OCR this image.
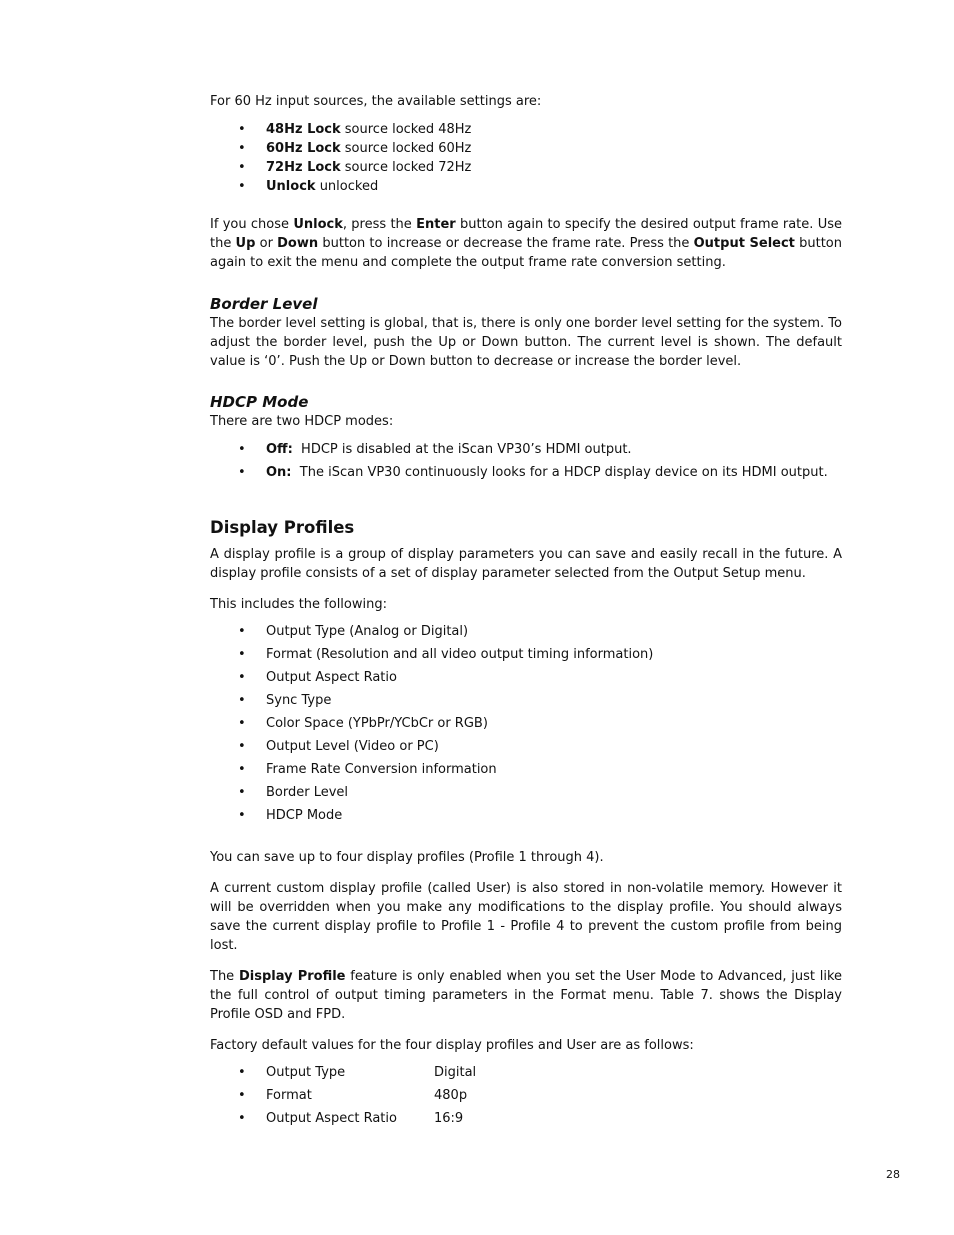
For 60 Hz input sources, the available settings are:

• 48Hz Lock source locked 48Hz
• 60Hz Lock source locked 60Hz
• 72Hz Lock source locked 72Hz
• Unlock unlocked

If you chose Unlock, press the Enter button again to specify the desired output frame rate. Use the Up or Down button to increase or decrease the frame rate. Press the Output Select button again to exit the menu and complete the output frame rate conversion setting.

Border Level

The border level setting is global, that is, there is only one border level setting for the system. To adjust the border level, push the Up or Down button. The current level is shown. The default value is ‘0’. Push the Up or Down button to decrease or increase the border level.

HDCP Mode

There are two HDCP modes:

• Off:  HDCP is disabled at the iScan VP30’s HDMI output.
• On:  The iScan VP30 continuously looks for a HDCP display device on its HDMI output.
Display Profiles

A display profile is a group of display parameters you can save and easily recall in the future. A display profile consists of a set of display parameter selected from the Output Setup menu.

This includes the following:

• Output Type (Analog or Digital)
• Format (Resolution and all video output timing information)
• Output Aspect Ratio
• Sync Type
• Color Space (YPbPr/YCbCr or RGB)
• Output Level (Video or PC)
• Frame Rate Conversion information
• Border Level
• HDCP Mode

You can save up to four display profiles (Profile 1 through 4).

A current custom display profile (called User) is also stored in non-volatile memory. However it will be overridden when you make any modifications to the display profile. You should always save the current display profile to Profile 1 - Profile 4 to prevent the custom profile from being lost.

The Display Profile feature is only enabled when you set the User Mode to Advanced, just like the full control of output timing parameters in the Format menu. Table 7. shows the Display Profile OSD and FPD.

Factory default values for the four display profiles and User are as follows:

• Output Type	Digital
• Format	480p
• Output Aspect Ratio	16:9
28
